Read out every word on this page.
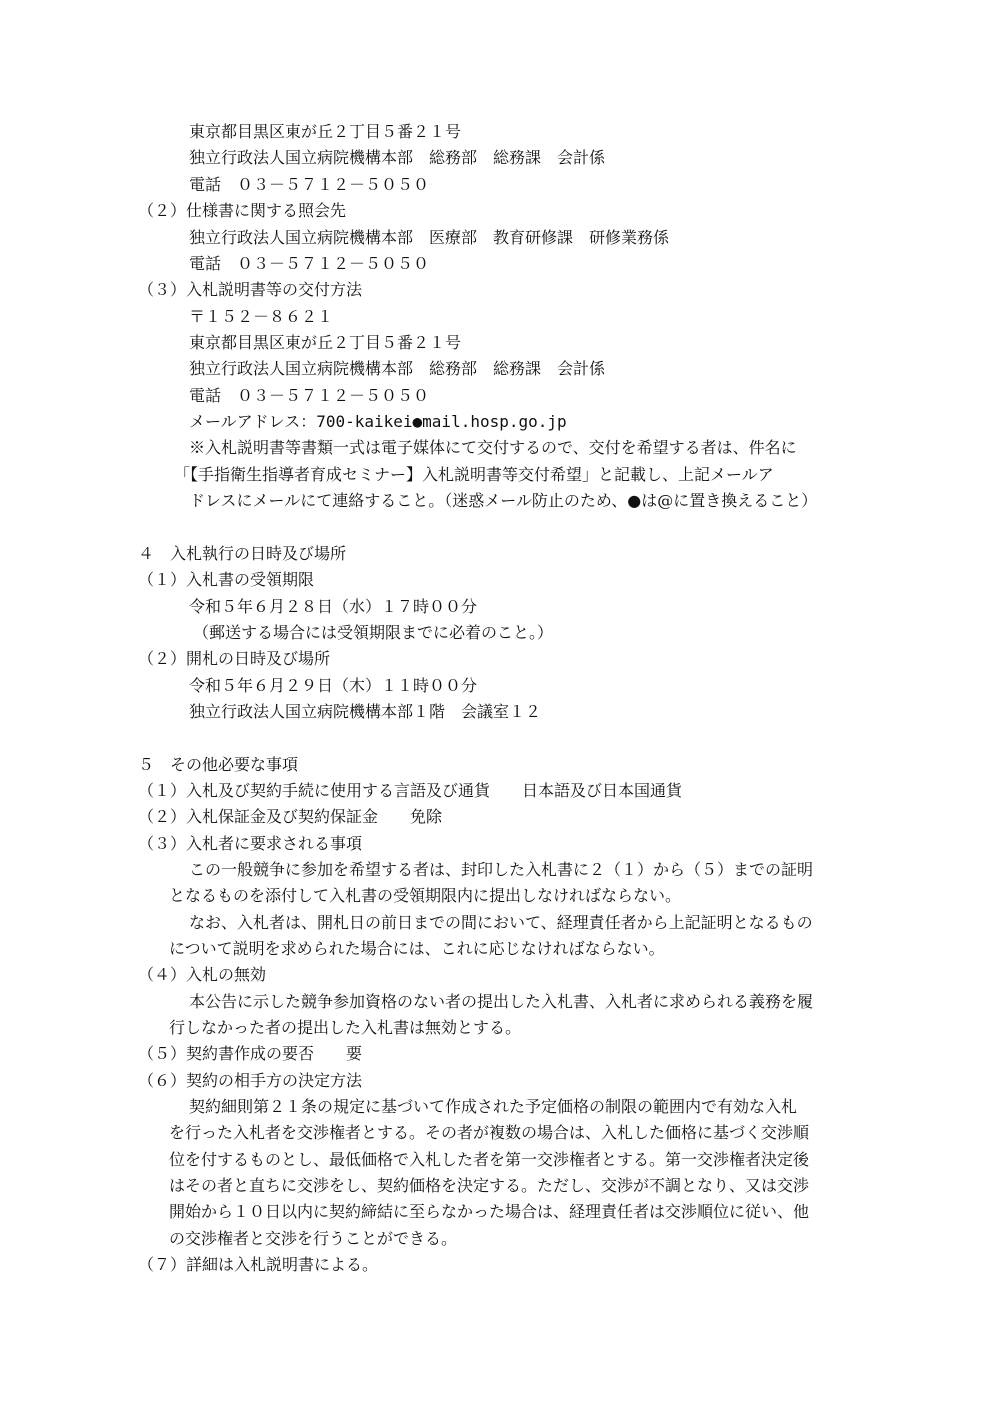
東京都目黒区東が丘２丁目５番２１号
独立行政法人国立病院機構本部　総務部　総務課　会計係
電話　０３－５７１２－５０５０
（２）仕様書に関する照会先
独立行政法人国立病院機構本部　医療部　教育研修課　研修業務係
電話　０３－５７１２－５０５０
（３）入札説明書等の交付方法
〒１５２－８６２１
東京都目黒区東が丘２丁目５番２１号
独立行政法人国立病院機構本部　総務部　総務課　会計係
電話　０３－５７１２－５０５０
メールアドレス：700-kaikei●mail.hosp.go.jp
※入札説明書等書類一式は電子媒体にて交付するので、交付を希望する者は、件名に
「【手指衛生指導者育成セミナー】入札説明書等交付希望」と記載し、上記メールア
ドレスにメールにて連絡すること。（迷惑メール防止のため、●は@に置き換えること）
４　入札執行の日時及び場所
（１）入札書の受領期限
令和５年６月２８日（水）１７時００分
（郵送する場合には受領期限までに必着のこと。）
（２）開札の日時及び場所
令和５年６月２９日（木）１１時００分
独立行政法人国立病院機構本部１階　会議室１２
５　その他必要な事項
（１）入札及び契約手続に使用する言語及び通貨　　日本語及び日本国通貨
（２）入札保証金及び契約保証金　　免除
（３）入札者に要求される事項
この一般競争に参加を希望する者は、封印した入札書に２（１）から（５）までの証明
となるものを添付して入札書の受領期限内に提出しなければならない。
なお、入札者は、開札日の前日までの間において、経理責任者から上記証明となるもの
について説明を求められた場合には、これに応じなければならない。
（４）入札の無効
本公告に示した競争参加資格のない者の提出した入札書、入札者に求められる義務を履
行しなかった者の提出した入札書は無効とする。
（５）契約書作成の要否　　要
（６）契約の相手方の決定方法
契約細則第２１条の規定に基づいて作成された予定価格の制限の範囲内で有効な入札
を行った入札者を交渉権者とする。その者が複数の場合は、入札した価格に基づく交渉順
位を付するものとし、最低価格で入札した者を第一交渉権者とする。第一交渉権者決定後
はその者と直ちに交渉をし、契約価格を決定する。ただし、交渉が不調となり、又は交渉
開始から１０日以内に契約締結に至らなかった場合は、経理責任者は交渉順位に従い、他
の交渉権者と交渉を行うことができる。
（７）詳細は入札説明書による。
